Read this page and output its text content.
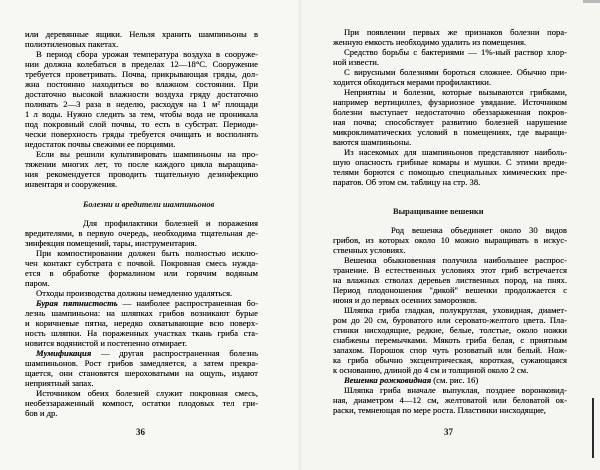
или деревянные ящики. Нельзя хранить шампиньоны в
полиэтиленовых пакетах.
В период сбора урожая температура воздуха в сооруже-
нии должна колебаться в пределах 12—18°С. Сооружение
требуется проветривать. Почва, прикрывающая гряды, дол-
жна постоянно находиться во влажном состоянии. При
достаточно высокой влажности воздуха гряду достаточно
поливать 2—3 раза в неделю, расходуя на 1 м² площади
1 л воды. Нужно следить за тем, чтобы вода не проникала
под покровный слой почвы, то есть в субстрат. Периоди-
чески поверхность гряды требуется очищать и восполнять
недостаток почвы свежими ее порциями.
Если вы решили культивировать шампиньоны на про-
тяжении многих лет, то после каждого цикла выращива-
ния рекомендуется проводить тщательную дезинфекцию
инвентаря и сооружения.
Болезни и вредители шампиньонов
Для профилактики болезней и поражения
вредителями, в первую очередь, необходима тщательная де-
зинфекция помещений, тары, инструментария.
При компостировании должен быть полностью исклю-
чен контакт субстрата с почвой. Покровная смесь нужда-
ется в обработке формалином или горячим водяным
паром.
Отходы производства должны немедленно удаляться.
Бурая пятнистость — наиболее распространенная бо-
лезнь шампиньона: на шляпках грибов возникают бурые
и коричневые пятна, нередко охватывающие всю поверх-
ность шляпки. На пораженных участках ткань гриба ста-
новится водянистой и постепенно отмирает.
Мумификация — другая распространенная болезнь
шампиньонов. Рост грибов замедляется, а затем прекра-
щается, они становятся шероховатыми на ощупь, издают
неприятный запах.
Источником обеих болезней служит покровная смесь,
необеззараженный компост, остатки плодовых тел гри-
бов и др.
36
При появлении первых же признаков болезни пора-
женную емкость необходимо удалить из помещения.
Средство борьбы с бактериями — 1%-ный раствор хлор-
ной извести.
С вирусными болезнями бороться сложнее. Обычно при-
ходится обходиться мерами профилактики.
Неприятны и болезни, которые вызываются грибками,
например вертициллез, фузариозное увядание. Источником
болезни выступает недостаточно обеззараженная покров-
ная почва; способствует развитию болезней нарушение
микроклиматических условий в помещениях, где выращи-
ваются шампиньоны.
Из насекомых для шампиньонов представляют наиболь-
шую опасность грибные комары и мушки. С этими вреди-
телями борются с помощью специальных химических пре-
паратов. Об этом см. таблицу на стр. 38.
Выращивание вешенки
Род вешенка объединяет около 30 видов
грибов, из которых около 10 можно выращивать в искус-
ственных условиях.
Вешенка обыкновенная получила наибольшее распрос-
транение. В естественных условиях этот гриб встречается
на влажных стволах деревьев лиственных пород, на пнях.
Период плодоношения "дикой" вешенки продолжается с
июня и до первых осенних заморозков.
Шляпка гриба гладкая, полукруглая, уховидная, диамет-
ром до 20 см, буроватого или серовато-желтого цвета. Пла-
стинки нисходящие, редкие, белые, толстые, около ножки
снабжены перемычками. Мякоть гриба белая, с приятным
запахом. Порошок спор чуть розоватый или белый. Нож-
ка гриба обычно эксцентрическая, короткая, сужающаяся
к основанию, длиной до 4 см и толщиной около 2 см.
Вешенка рожковидная (см. рис. 16)
Шляпка гриба вначале выпуклая, позднее воронковид-
ная, диаметром 4—12 см, желтоватой или беловатой ок-
раски, темнеющая по мере роста. Пластинки нисходящие,
37
